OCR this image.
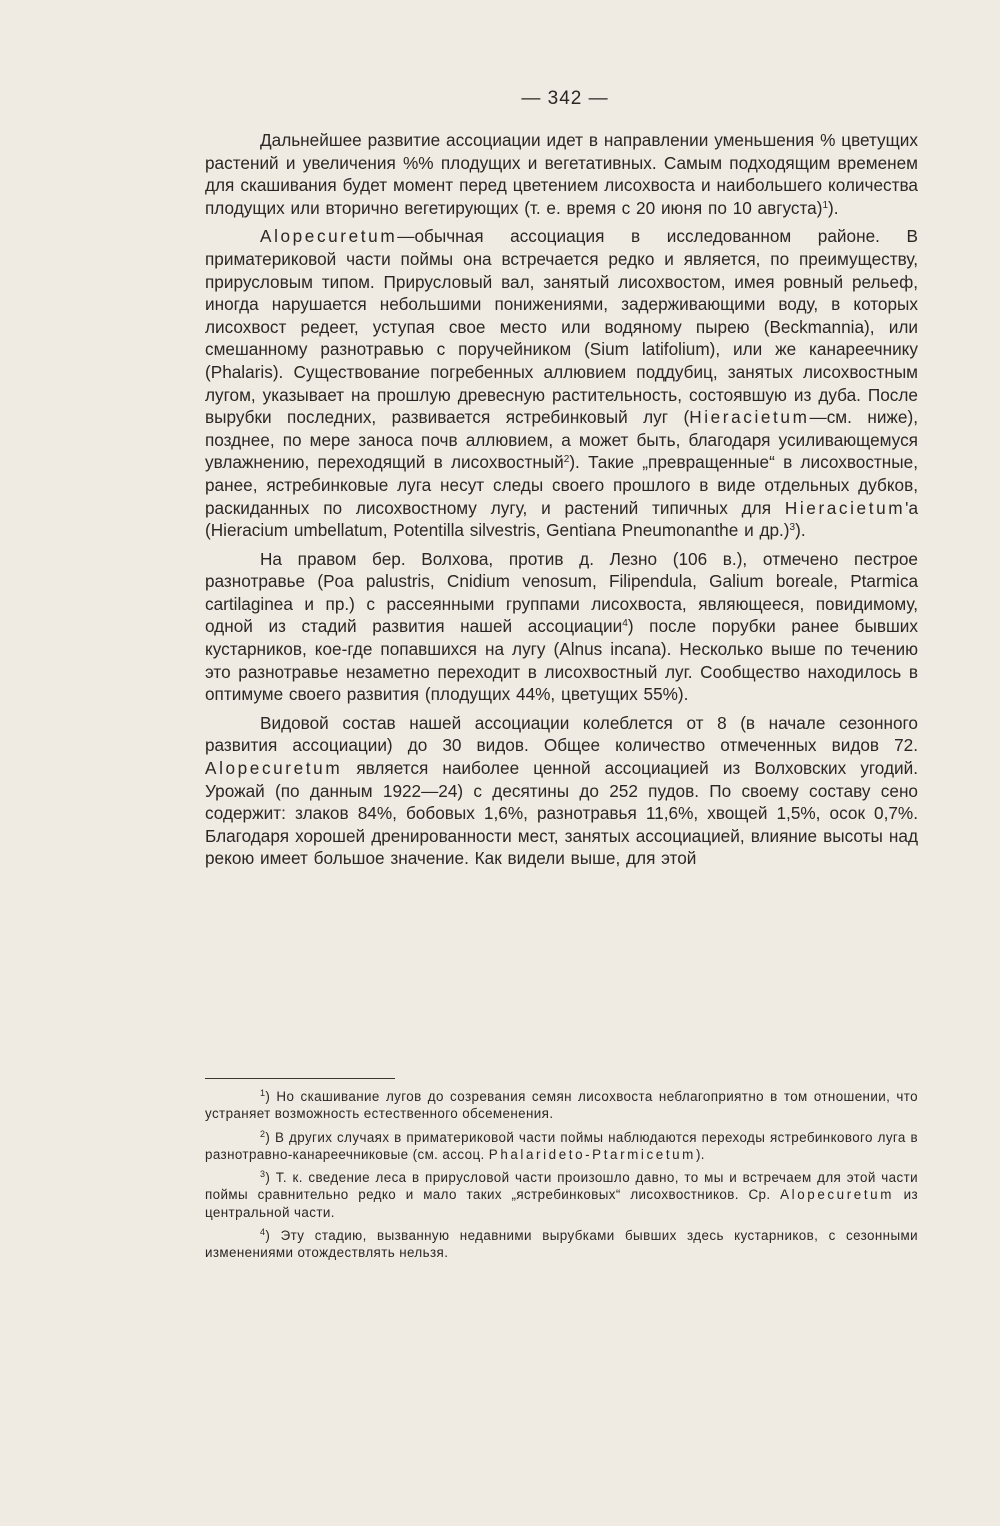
— 342 —

Дальнейшее развитие ассоциации идет в направлении уменьшения % цветущих растений и увеличения %% плодущих и вегетативных. Самым подходящим временем для скашивания будет момент перед цветением лисохвоста и наибольшего количества плодущих или вторично вегетирующих (т. е. время с 20 июня по 10 августа)$^1$).

Alopecuretum—обычная ассоциация в исследованном районе. В приматериковой части поймы она встречается редко и является, по преимуществу, прирусловым типом. Прирусловый вал, занятый лисохвостом, имея ровный рельеф, иногда нарушается небольшими понижениями, задерживающими воду, в которых лисохвост редеет, уступая свое место или водяному пырею (Beckmannia), или смешанному разнотравью с поручейником (Sium latifolium), или же канареечнику (Phalaris). Существование погребенных аллювием поддубиц, занятых лисохвостным лугом, указывает на прошлую древесную растительность, состоявшую из дуба. После вырубки последних, развивается ястребинковый луг (Hieracietum—см. ниже), позднее, по мере заноса почв аллювием, а может быть, благодаря усиливающемуся увлажнению, переходящий в лисохвостный$^2$). Такие „превращенные“ в лисохвостные, ранее, ястребинковые луга несут следы своего прошлого в виде отдельных дубков, раскиданных по лисохвостному лугу, и растений типичных для Hieracietum'а (Hieracium umbellatum, Potentilla silvestris, Gentiana Pneumonanthe и др.)$^3$).

На правом бер. Волхова, против д. Лезно (106 в.), отмечено пестрое разнотравье (Poa palustris, Cnidium venosum, Filipendula, Galium boreale, Ptarmica cartilaginea и пр.) с рассеянными группами лисохвоста, являющееся, повидимому, одной из стадий развития нашей ассоциации$^4$) после порубки ранее бывших кустарников, кое-где попавшихся на лугу (Alnus incana). Несколько выше по течению это разнотравье незаметно переходит в лисохвостный луг. Сообщество находилось в оптимуме своего развития (плодущих 44%, цветущих 55%).

Видовой состав нашей ассоциации колеблется от 8 (в начале сезонного развития ассоциации) до 30 видов. Общее количество отмеченных видов 72. Alopecuretum является наиболее ценной ассоциацией из Волховских угодий. Урожай (по данным 1922—24) с десятины до 252 пудов. По своему составу сено содержит: злаков 84%, бобовых 1,6%, разнотравья 11,6%, хвощей 1,5%, осок 0,7%. Благодаря хорошей дренированности мест, занятых ассоциацией, влияние высоты над рекою имеет большое значение. Как видели выше, для этой

$^1$) Но скашивание лугов до созревания семян лисохвоста неблагоприятно в том отношении, что устраняет возможность естественного обсеменения.

$^2$) В других случаях в приматериковой части поймы наблюдаются переходы ястребинкового луга в разнотравно-канареечниковые (см. ассоц. Phalarideto-Ptarmicetum).

$^3$) Т. к. сведение леса в прирусловой части произошло давно, то мы и встречаем для этой части поймы сравнительно редко и мало таких „ястребинковых“ лисохвостников. Ср. Alopecuretum из центральной части.

$^4$) Эту стадию, вызванную недавними вырубками бывших здесь кустарников, с сезонными изменениями отождествлять нельзя.
